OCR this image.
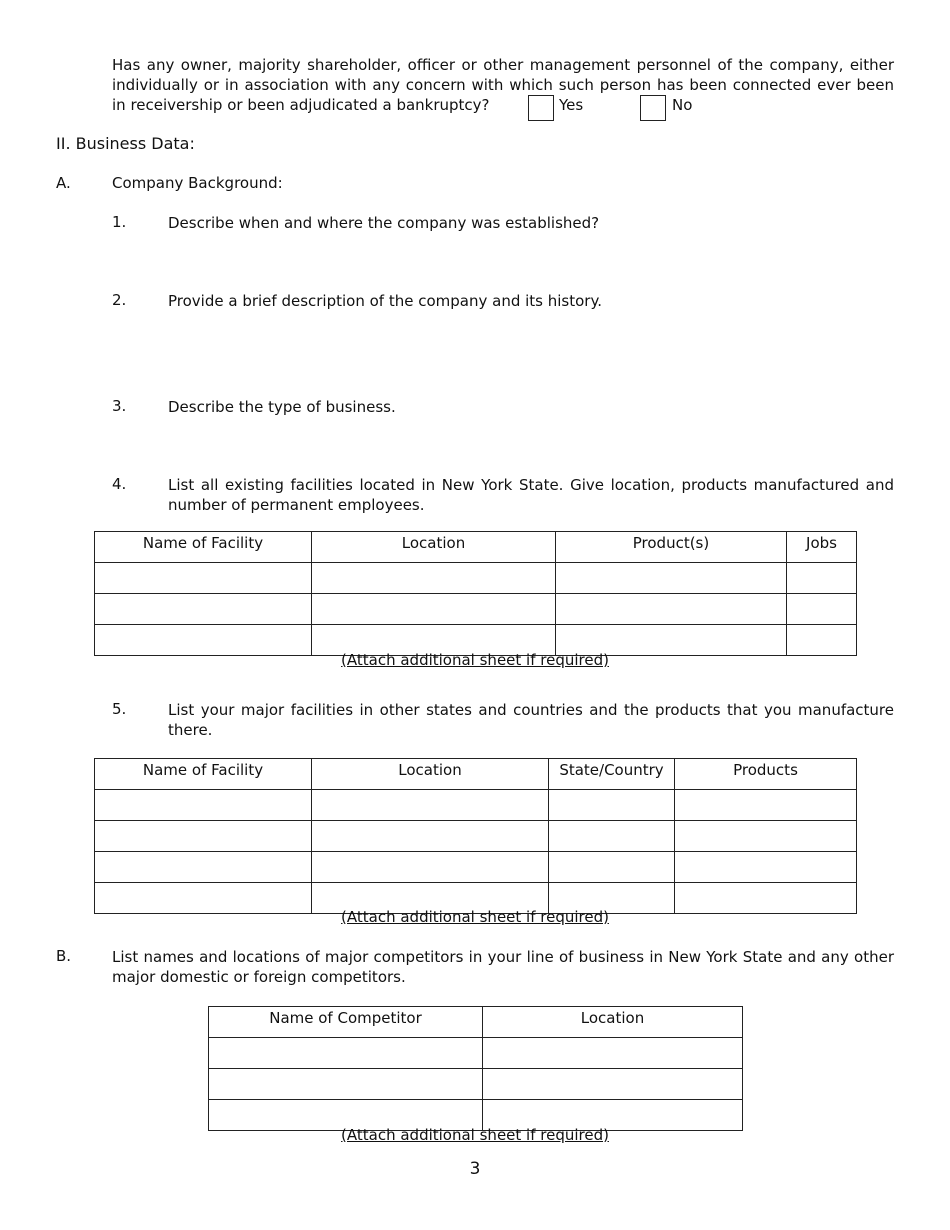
Has any owner, majority shareholder, officer or other management personnel of the company, either individually or in association with any concern with which such person has been connected ever been in receivership or been adjudicated a bankruptcy?	Yes	No
II. Business Data:
A.	Company Background:
1.	Describe when and where the company was established?
2.	Provide a brief description of the company and its history.
3.	Describe the type of business.
4.	List all existing facilities located in New York State. Give location, products manufactured and number of permanent employees.
Name of Facility	Location	Product(s)	Jobs

(Attach additional sheet if required)
5.	List your major facilities in other states and countries and the products that you manufacture there.
Name of Facility	Location	State/Country	Products

(Attach additional sheet if required)
B.	List names and locations of major competitors in your line of business in New York State and any other major domestic or foreign competitors.
Name of Competitor	Location

(Attach additional sheet if required)
3
